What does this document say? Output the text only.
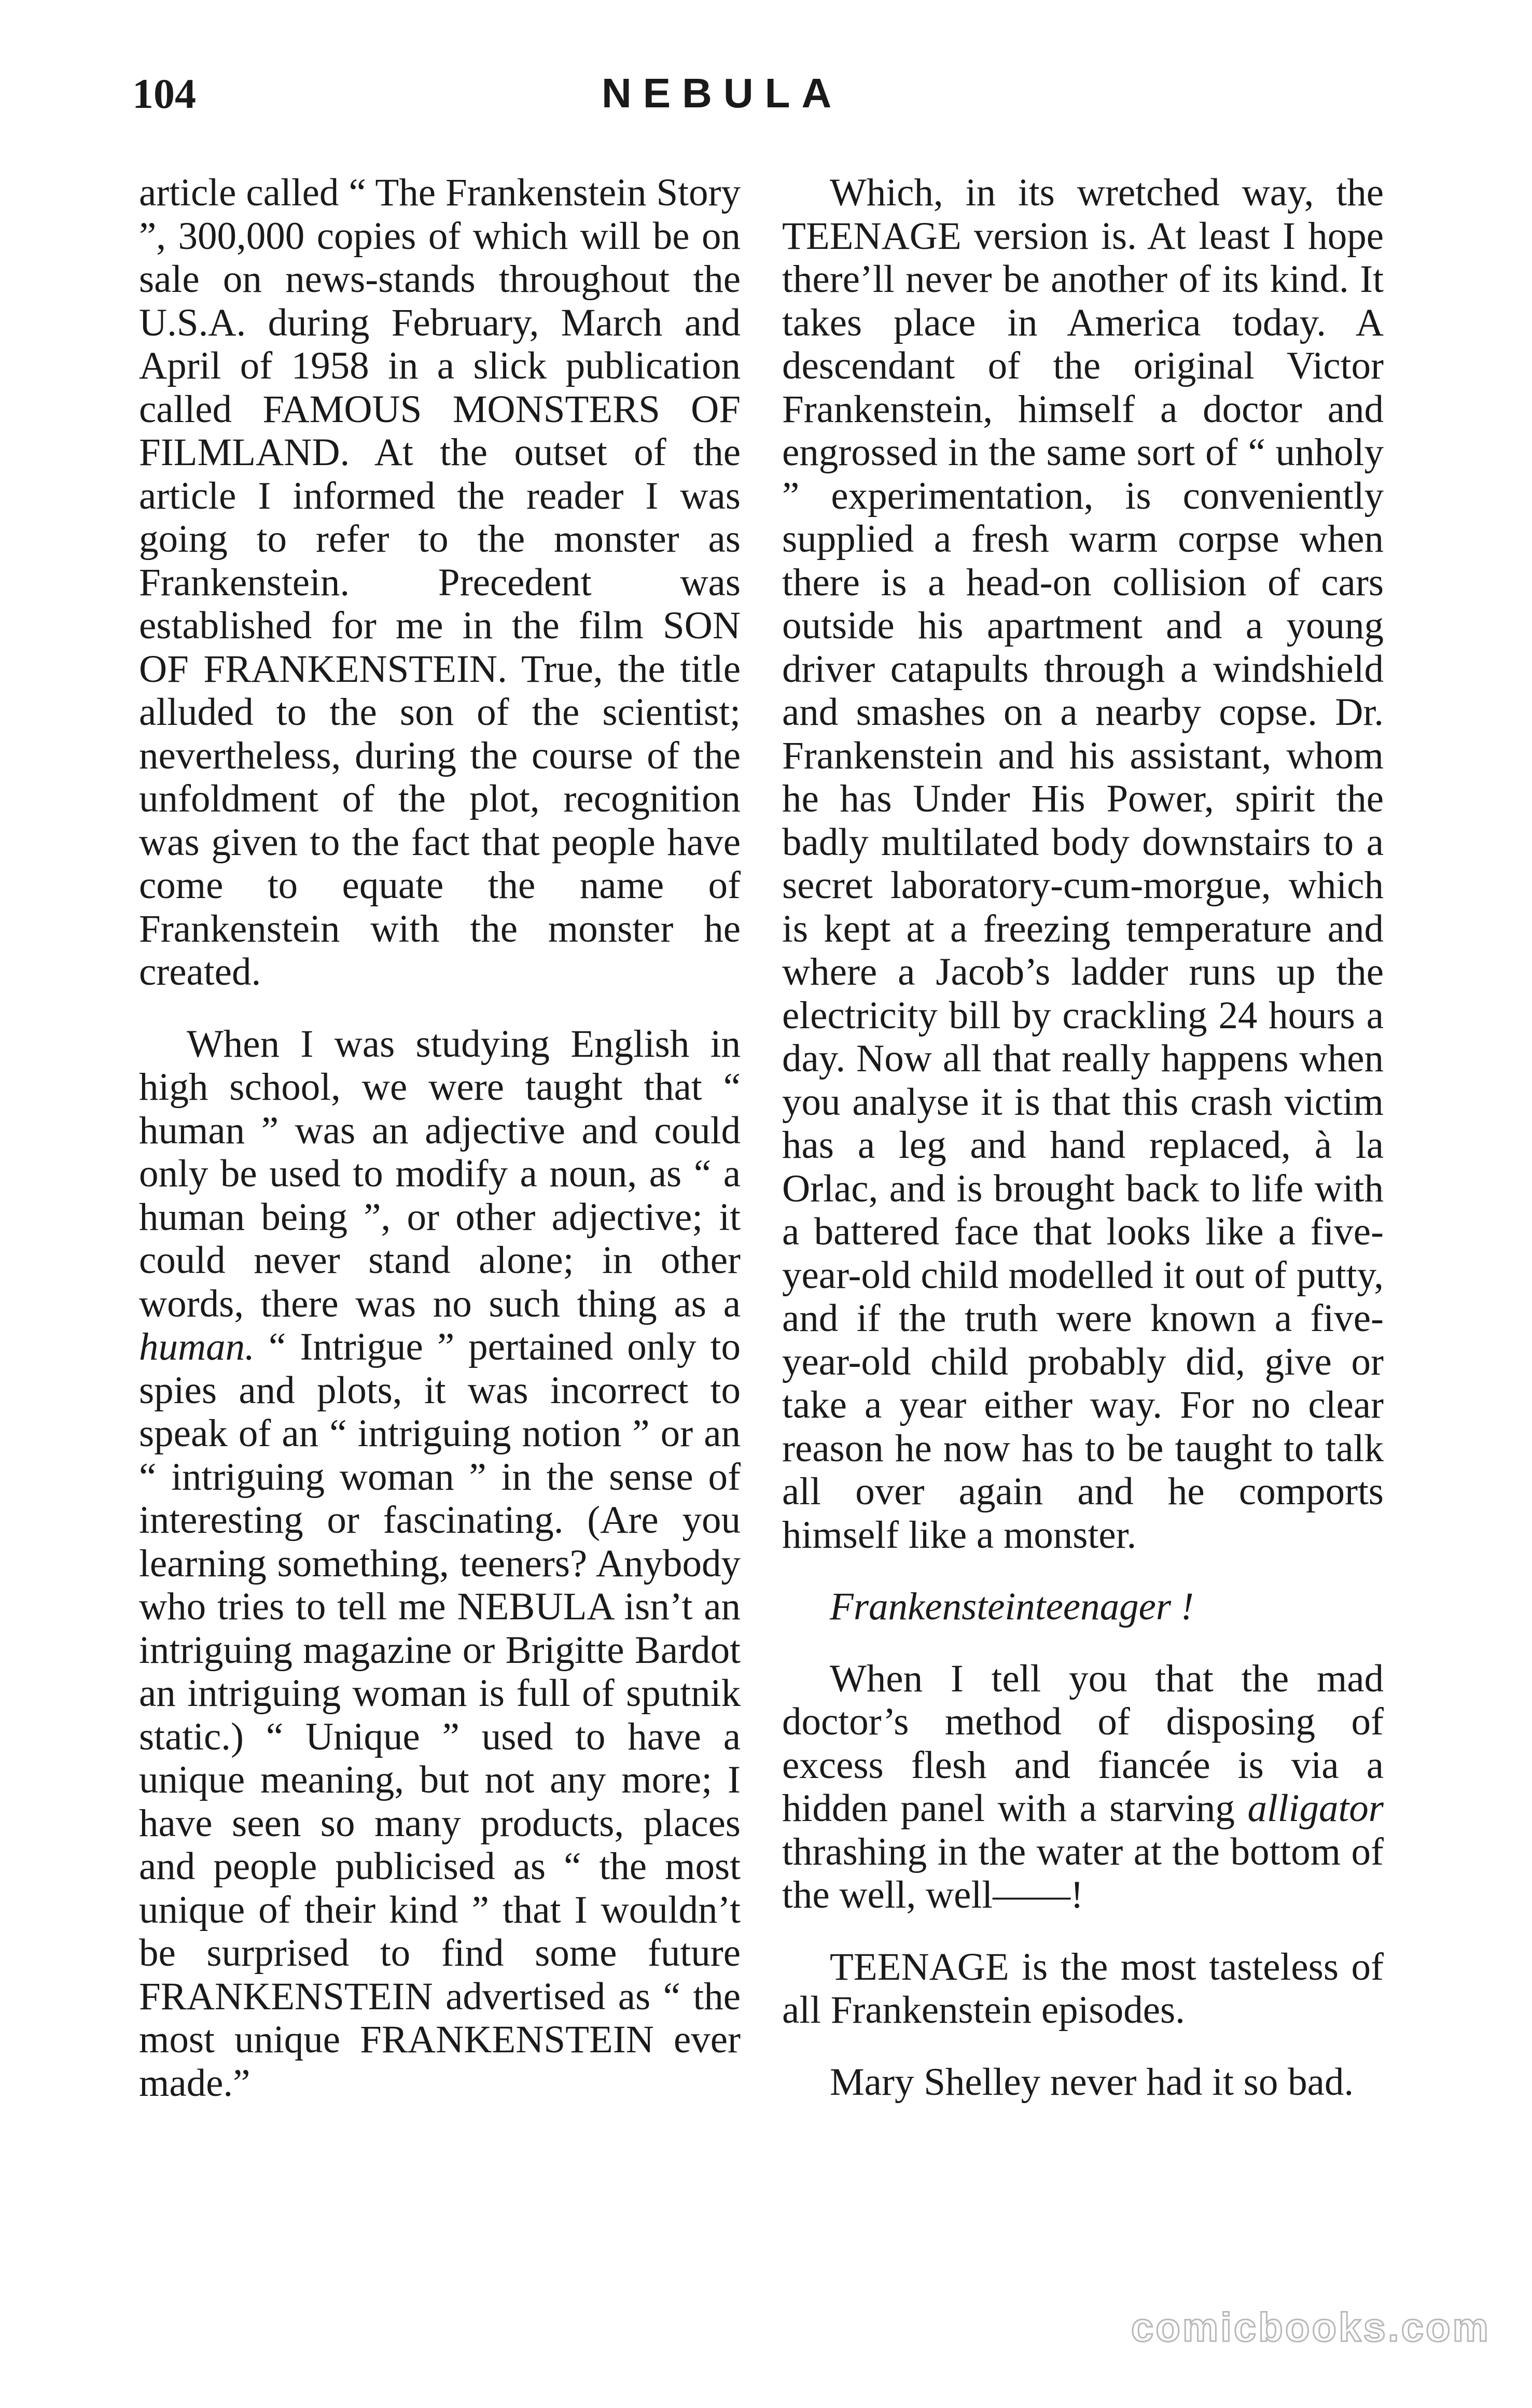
104	NEBULA

article called “ The Frankenstein Story ”, 300,000 copies of which will be on sale on news-stands throughout the U.S.A. during February, March and April of 1958 in a slick publication called FAMOUS MONSTERS OF FILMLAND. At the outset of the article I informed the reader I was going to refer to the monster as Frankenstein. Precedent was established for me in the film SON OF FRANKENSTEIN. True, the title alluded to the son of the scientist; nevertheless, during the course of the unfoldment of the plot, recognition was given to the fact that people have come to equate the name of Frankenstein with the monster he created.

When I was studying English in high school, we were taught that “ human ” was an adjective and could only be used to modify a noun, as “ a human being ”, or other adjective; it could never stand alone; in other words, there was no such thing as a human. “ Intrigue ” pertained only to spies and plots, it was incorrect to speak of an “ intriguing notion ” or an “ intriguing woman ” in the sense of interesting or fascinating. (Are you learning something, teeners? Anybody who tries to tell me NEBULA isn’t an intriguing magazine or Brigitte Bardot an intriguing woman is full of sputnik static.) “ Unique ” used to have a unique meaning, but not any more; I have seen so many products, places and people publicised as “ the most unique of their kind ” that I wouldn’t be surprised to find some future FRANKENSTEIN advertised as “ the most unique FRANKENSTEIN ever made.”

Which, in its wretched way, the TEENAGE version is. At least I hope there’ll never be another of its kind. It takes place in America today. A descendant of the original Victor Frankenstein, himself a doctor and engrossed in the same sort of “ unholy ” experimentation, is conveniently supplied a fresh warm corpse when there is a head-on collision of cars outside his apartment and a young driver catapults through a windshield and smashes on a nearby copse. Dr. Frankenstein and his assistant, whom he has Under His Power, spirit the badly multilated body downstairs to a secret laboratory-cum-morgue, which is kept at a freezing temperature and where a Jacob’s ladder runs up the electricity bill by crackling 24 hours a day. Now all that really happens when you analyse it is that this crash victim has a leg and hand replaced, à la Orlac, and is brought back to life with a battered face that looks like a five-year-old child modelled it out of putty, and if the truth were known a five-year-old child probably did, give or take a year either way. For no clear reason he now has to be taught to talk all over again and he comports himself like a monster.

Frankensteinteenager !

When I tell you that the mad doctor’s method of disposing of excess flesh and fiancée is via a hidden panel with a starving alligator thrashing in the water at the bottom of the well, well——!

TEENAGE is the most tasteless of all Frankenstein episodes.

Mary Shelley never had it so bad.

comicbooks.com
